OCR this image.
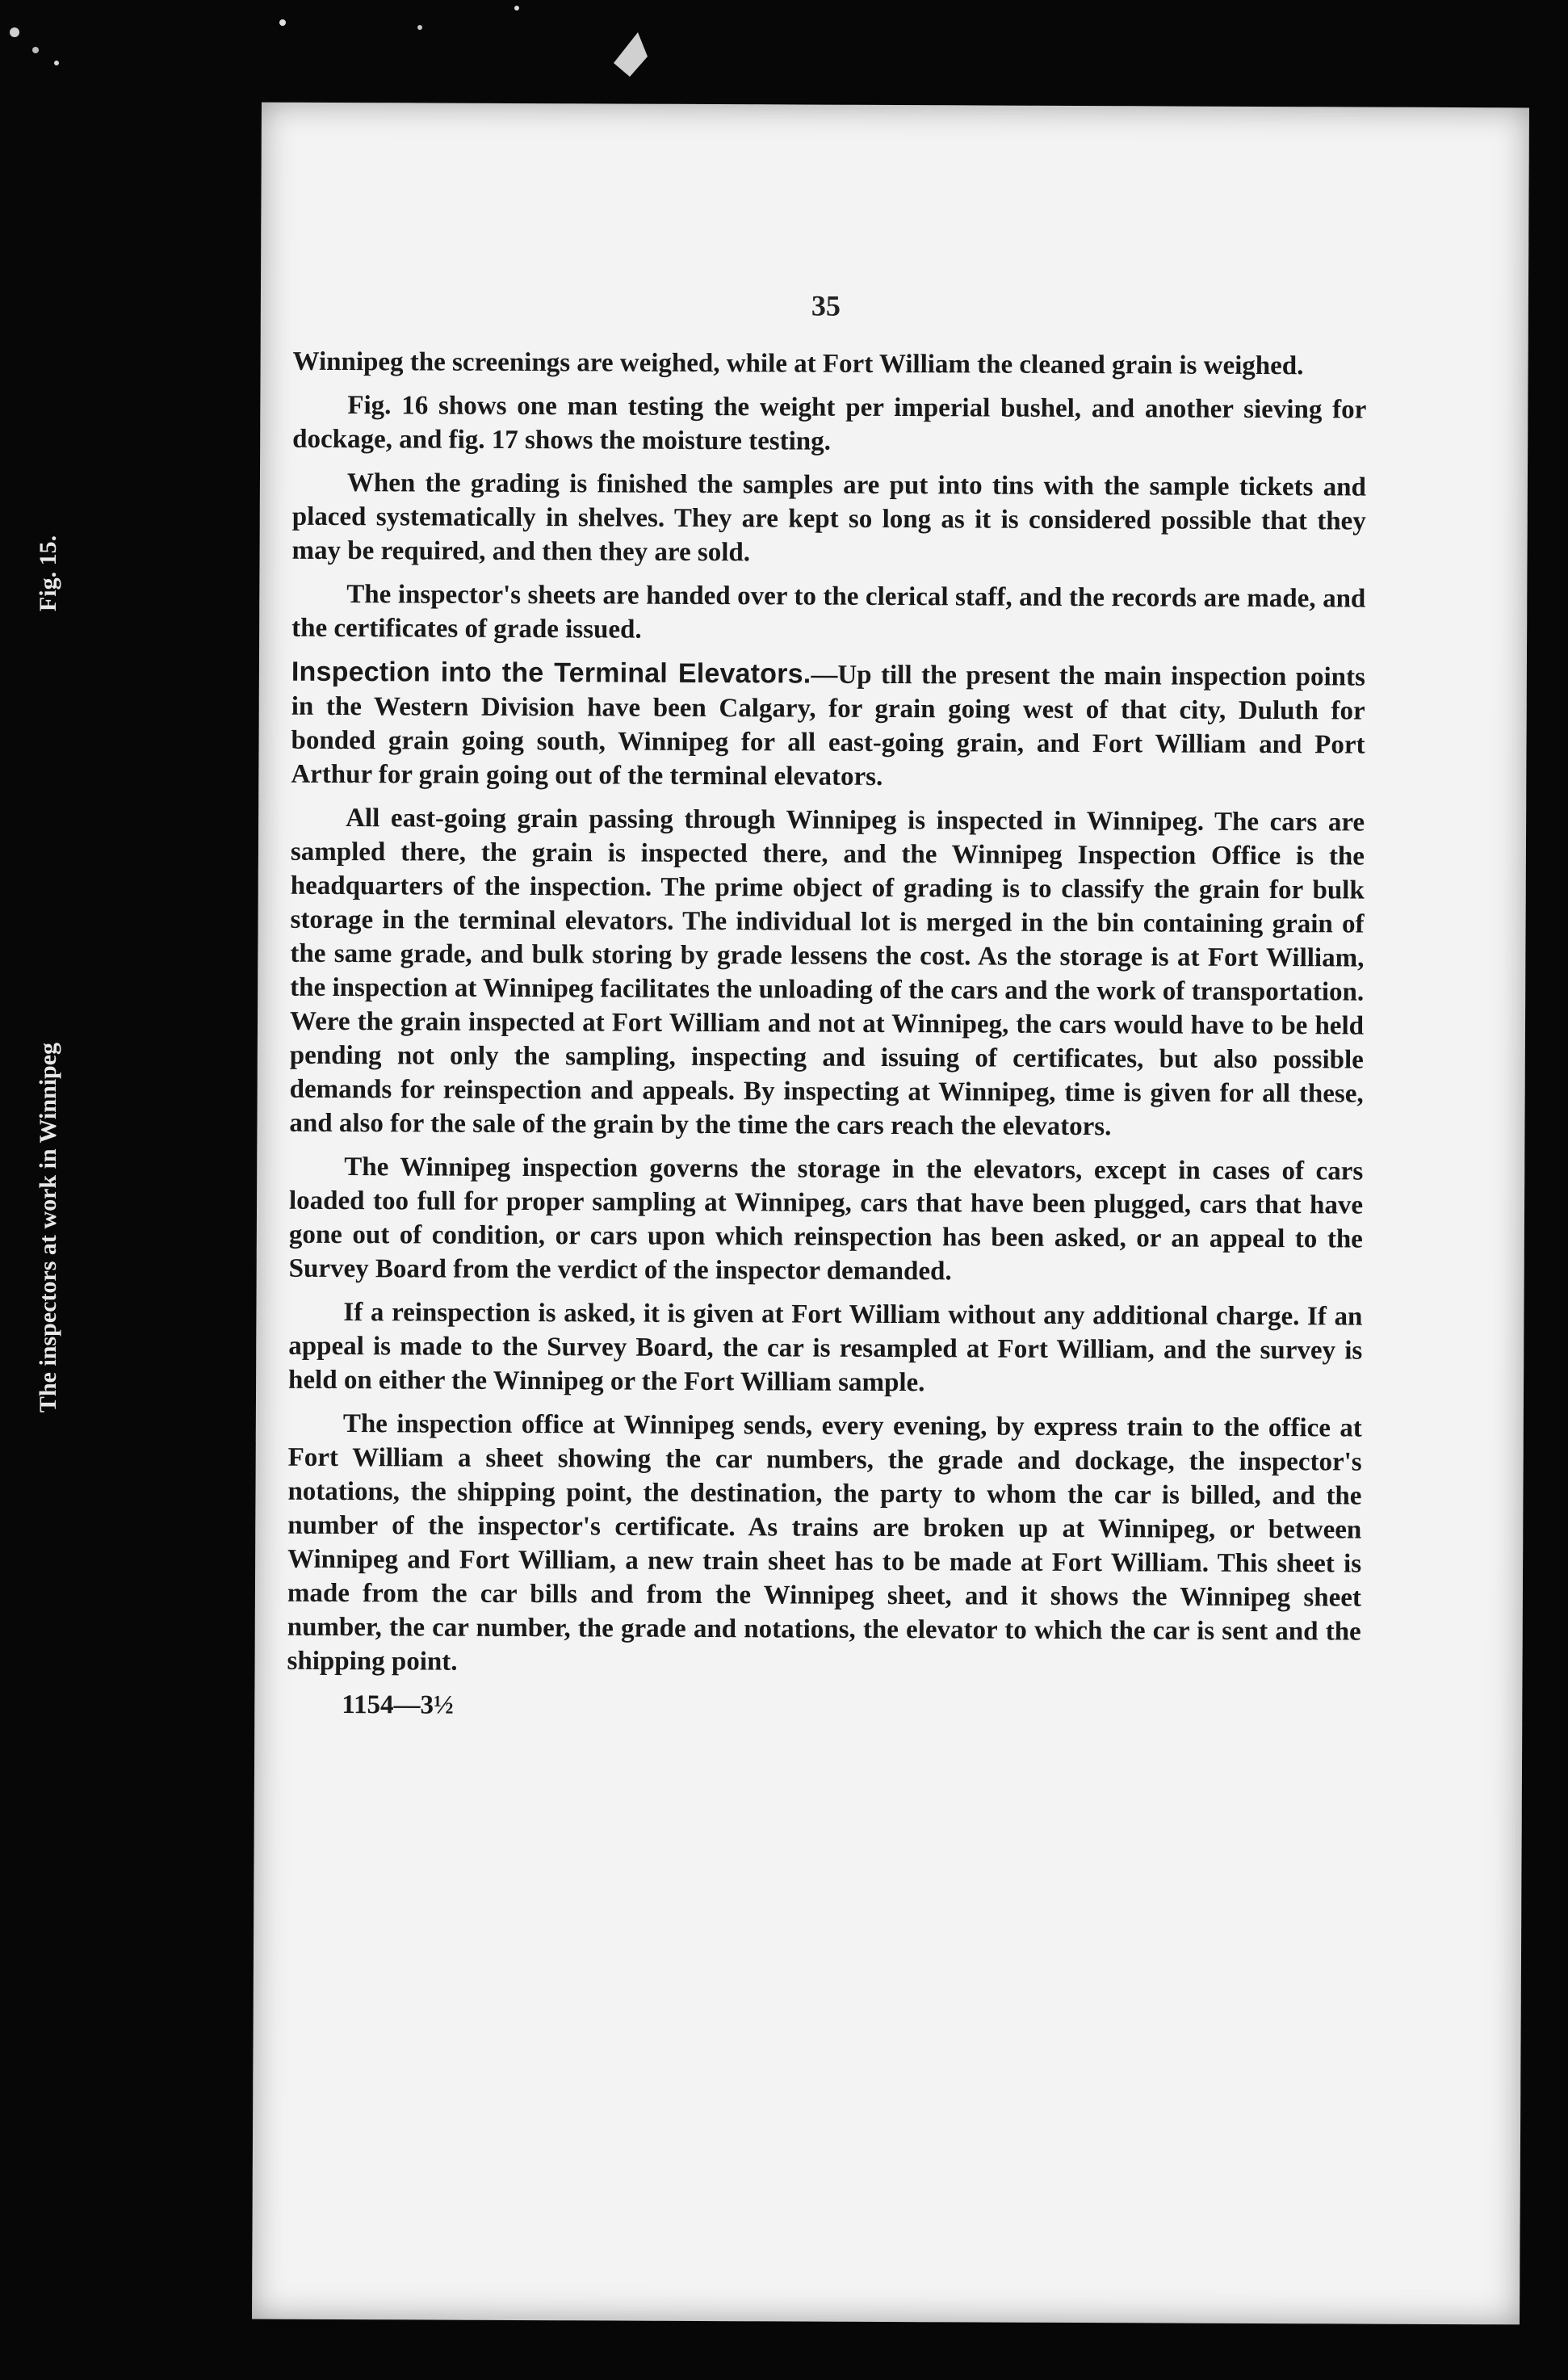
Fig. 15.
The inspectors at work in Winnipeg
35

Winnipeg the screenings are weighed, while at Fort William the cleaned grain is weighed.

Fig. 16 shows one man testing the weight per imperial bushel, and another sieving for dockage, and fig. 17 shows the moisture testing.

When the grading is finished the samples are put into tins with the sample tickets and placed systematically in shelves. They are kept so long as it is considered possible that they may be required, and then they are sold.

The inspector's sheets are handed over to the clerical staff, and the records are made, and the certificates of grade issued.

Inspection into the Terminal Elevators.—Up till the present the main inspection points in the Western Division have been Calgary, for grain going west of that city, Duluth for bonded grain going south, Winnipeg for all east-going grain, and Fort William and Port Arthur for grain going out of the terminal elevators.

All east-going grain passing through Winnipeg is inspected in Winnipeg. The cars are sampled there, the grain is inspected there, and the Winnipeg Inspection Office is the headquarters of the inspection. The prime object of grading is to classify the grain for bulk storage in the terminal elevators. The individual lot is merged in the bin containing grain of the same grade, and bulk storing by grade lessens the cost. As the storage is at Fort William, the inspection at Winnipeg facilitates the unloading of the cars and the work of transportation. Were the grain inspected at Fort William and not at Winnipeg, the cars would have to be held pending not only the sampling, inspecting and issuing of certificates, but also possible demands for reinspection and appeals. By inspecting at Winnipeg, time is given for all these, and also for the sale of the grain by the time the cars reach the elevators.

The Winnipeg inspection governs the storage in the elevators, except in cases of cars loaded too full for proper sampling at Winnipeg, cars that have been plugged, cars that have gone out of condition, or cars upon which reinspection has been asked, or an appeal to the Survey Board from the verdict of the inspector demanded.

If a reinspection is asked, it is given at Fort William without any additional charge. If an appeal is made to the Survey Board, the car is resampled at Fort William, and the survey is held on either the Winnipeg or the Fort William sample.

The inspection office at Winnipeg sends, every evening, by express train to the office at Fort William a sheet showing the car numbers, the grade and dockage, the inspector's notations, the shipping point, the destination, the party to whom the car is billed, and the number of the inspector's certificate. As trains are broken up at Winnipeg, or between Winnipeg and Fort William, a new train sheet has to be made at Fort William. This sheet is made from the car bills and from the Winnipeg sheet, and it shows the Winnipeg sheet number, the car number, the grade and notations, the elevator to which the car is sent and the shipping point.

1154—3½
